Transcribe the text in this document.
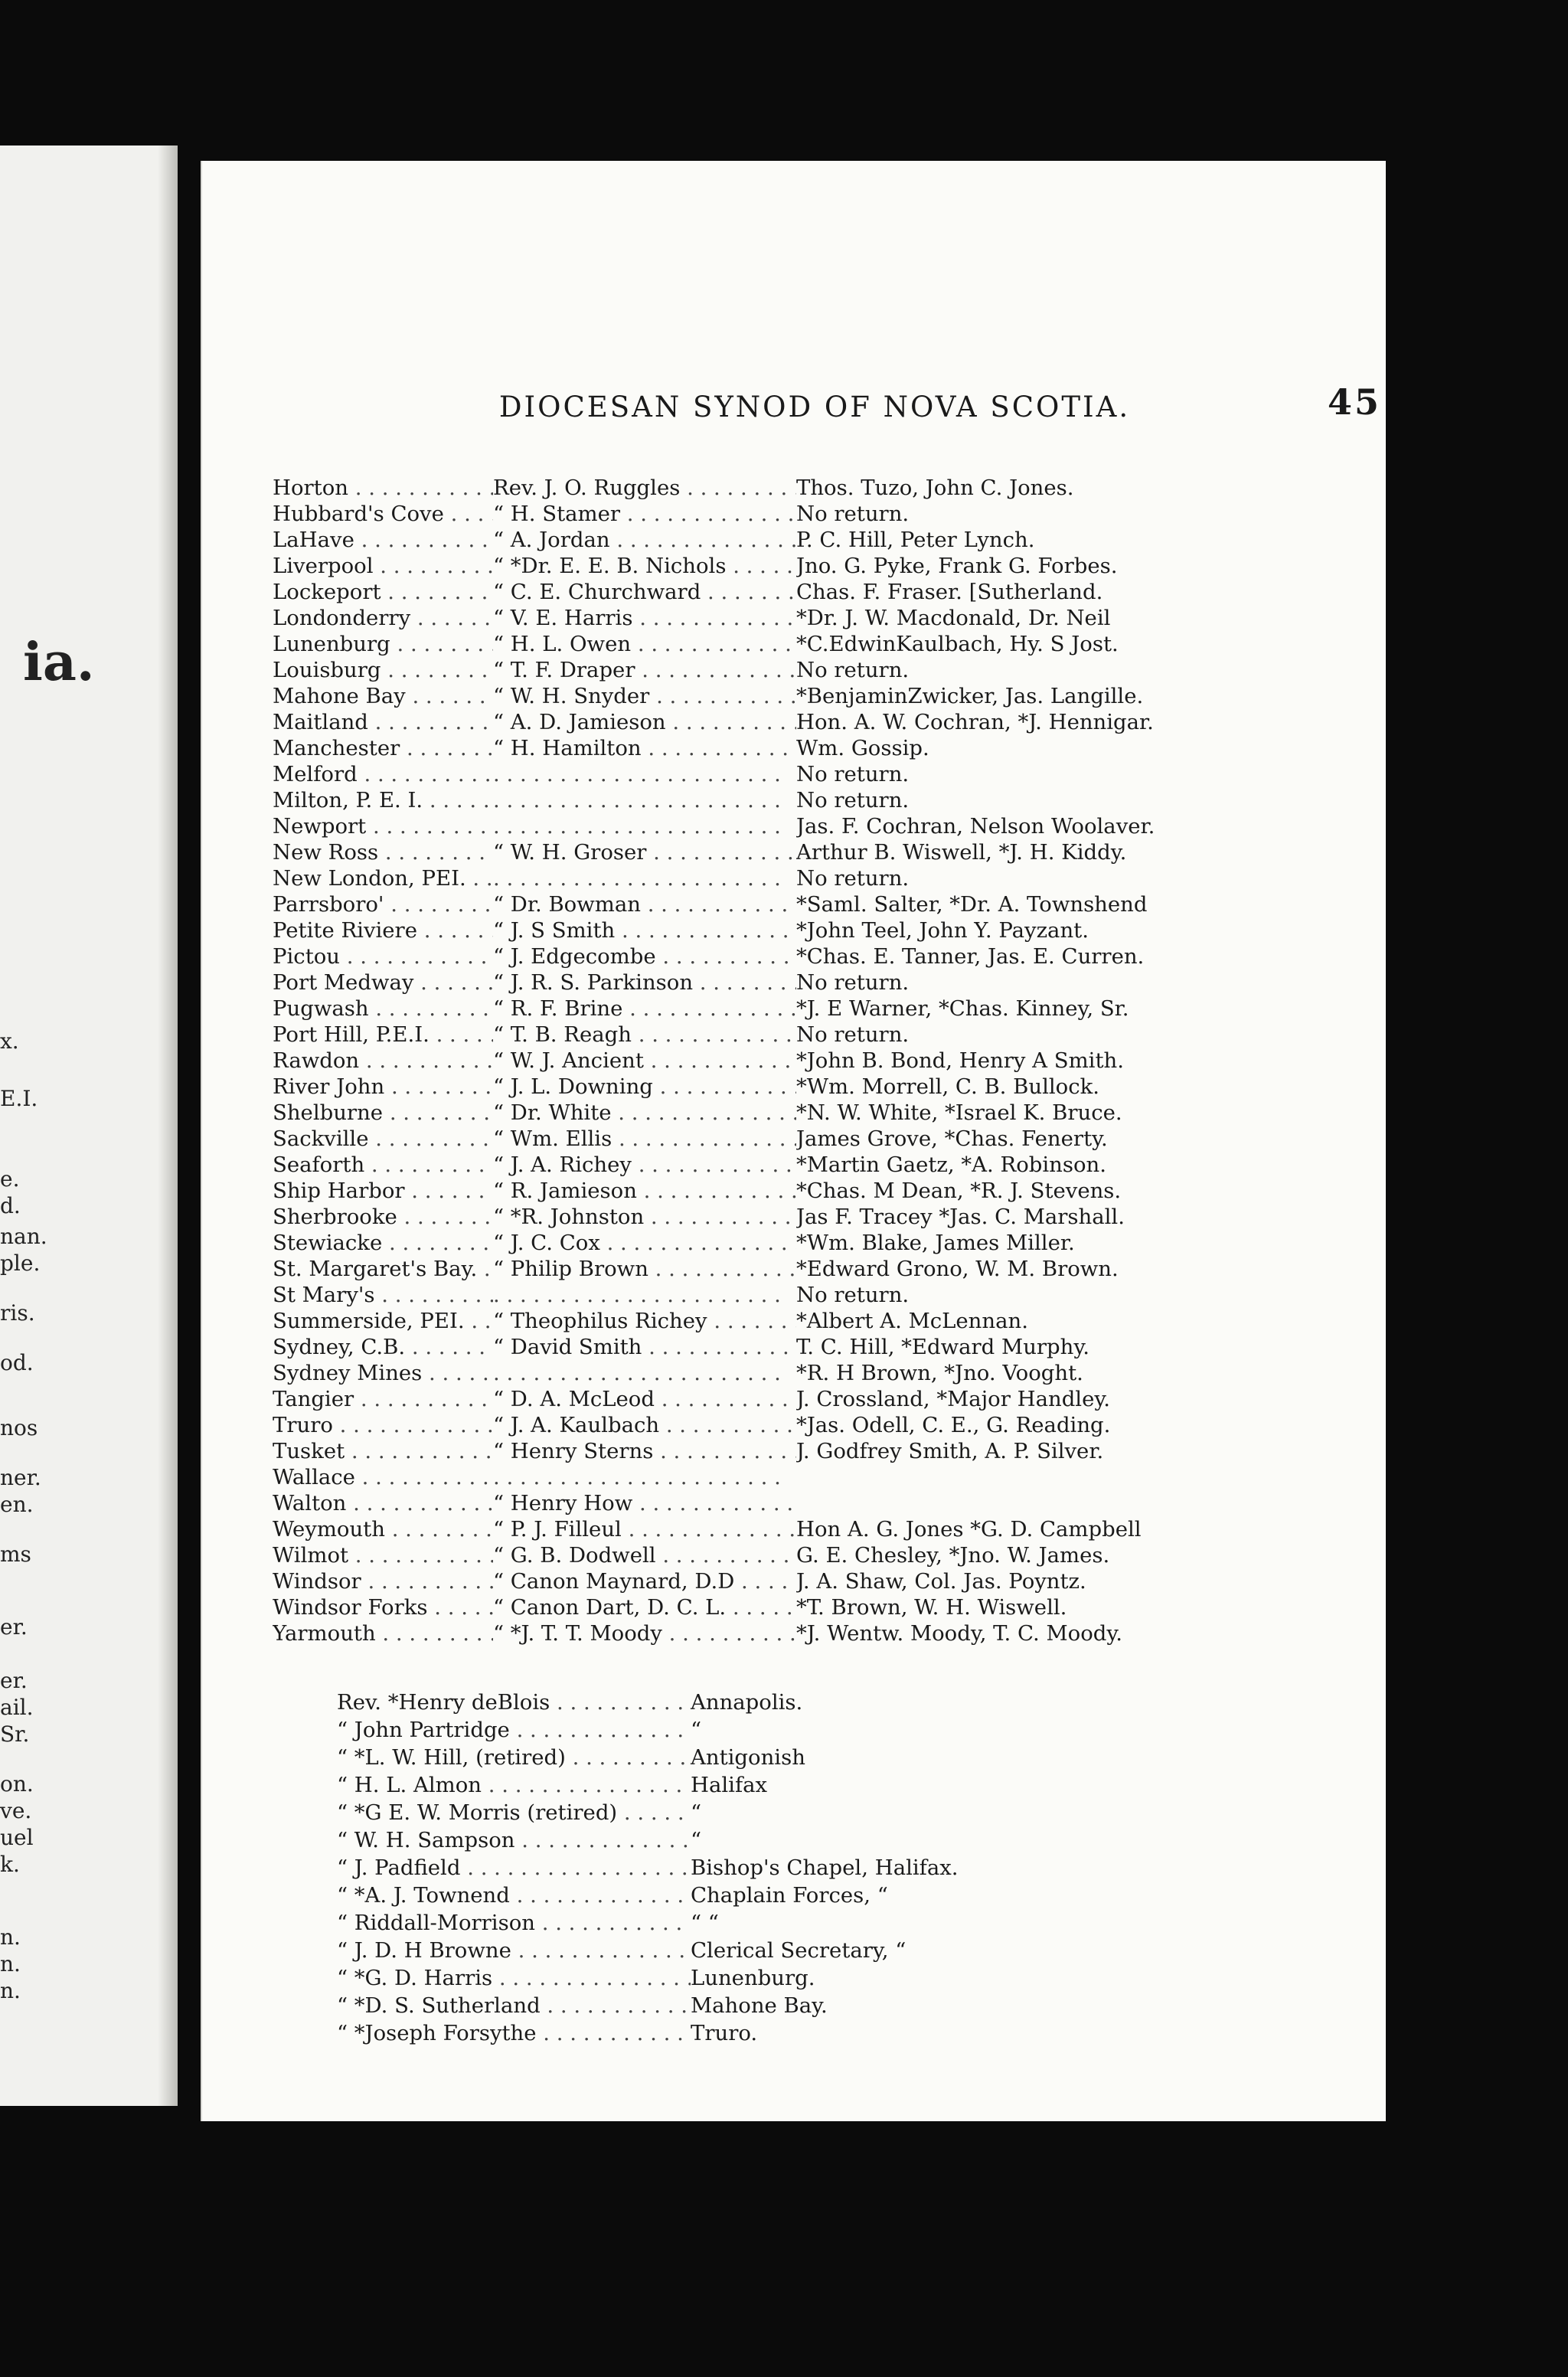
ia.
x.
E.I.
e.
d.
nan.
ple.
ris.
od.
nos
ner.
en.
ms
er.
er.
ail.
Sr.
on.
ve.
uel
k.
n.
n.
n.
DIOCESAN SYNOD OF NOVA SCOTIA.	45
Horton . . .	Rev. J. O. Ruggles . . .	Thos. Tuzo, John C. Jones.
Hubbard's Cove . . .	“ H. Stamer . . .	No return.
LaHave . . .	“ A. Jordan . . .	P. C. Hill, Peter Lynch.
Liverpool . . .	“ *Dr. E. E. B. Nichols . . .	Jno. G. Pyke, Frank G. Forbes.
Lockeport . . .	“ C. E. Churchward . . .	Chas. F. Fraser. [Sutherland.
Londonderry . . .	“ V. E. Harris . . .	*Dr. J. W. Macdonald, Dr. Neil
Lunenburg . . .	“ H. L. Owen . . .	*C.EdwinKaulbach, Hy. S Jost.
Louisburg . . .	“ T. F. Draper . . .	No return.
Mahone Bay . . .	“ W. H. Snyder . . .	*BenjaminZwicker, Jas. Langille.
Maitland . . .	“ A. D. Jamieson . . .	Hon. A. W. Cochran, *J. Hennigar.
Manchester . . .	“ H. Hamilton . . .	Wm. Gossip.
Melford . . . . . .	No return.
Milton, P. E. I. . . . . . .	No return.
Newport . . . . . .	Jas. F. Cochran, Nelson Woolaver.
New Ross . . .	“ W. H. Groser . . .	Arthur B. Wiswell, *J. H. Kiddy.
New London, PEI. . . . . . .	No return.
Parrsboro' . . .	“ Dr. Bowman . . .	*Saml. Salter, *Dr. A. Townshend
Petite Riviere . . .	“ J. S Smith . . .	*John Teel, John Y. Payzant.
Pictou . . .	“ J. Edgecombe . . .	*Chas. E. Tanner, Jas. E. Curren.
Port Medway . . .	“ J. R. S. Parkinson . . .	No return.
Pugwash . . .	“ R. F. Brine . . .	*J. E Warner, *Chas. Kinney, Sr.
Port Hill, P.E.I. . . .	“ T. B. Reagh . . .	No return.
Rawdon . . .	“ W. J. Ancient . . .	*John B. Bond, Henry A Smith.
River John . . .	“ J. L. Downing . . .	*Wm. Morrell, C. B. Bullock.
Shelburne . . .	“ Dr. White . . .	*N. W. White, *Israel K. Bruce.
Sackville . . .	“ Wm. Ellis . . .	James Grove, *Chas. Fenerty.
Seaforth . . .	“ J. A. Richey . . .	*Martin Gaetz, *A. Robinson.
Ship Harbor . . .	“ R. Jamieson . . .	*Chas. M Dean, *R. J. Stevens.
Sherbrooke . . .	“ *R. Johnston . . .	Jas F. Tracey *Jas. C. Marshall.
Stewiacke . . .	“ J. C. Cox . . .	*Wm. Blake, James Miller.
St. Margaret's Bay. . . . “ Philip Brown . . .	*Edward Grono, W. M. Brown.
St Mary's . . . . . .	No return.
Summerside, PEI. . . .	“ Theophilus Richey . . .	*Albert A. McLennan.
Sydney, C.B. . . .	“ David Smith . . .	T. C. Hill, *Edward Murphy.
Sydney Mines . . . . . .	*R. H Brown, *Jno. Vooght.
Tangier . . .	“ D. A. McLeod . . .	J. Crossland, *Major Handley.
Truro . . .	“ J. A. Kaulbach . . .	*Jas. Odell, C. E., G. Reading.
Tusket . . .	“ Henry Sterns . . .	J. Godfrey Smith, A. P. Silver.
Wallace . . .
. . .
Walton . . .	“ Henry How . . .
Weymouth . . .	“ P. J. Filleul . . .	Hon A. G. Jones *G. D. Campbell
Wilmot . . .	“ G. B. Dodwell . . .	G. E. Chesley, *Jno. W. James.
Windsor . . .	“ Canon Maynard, D.D . . .	J. A. Shaw, Col. Jas. Poyntz.
Windsor Forks . . .	“ Canon Dart, D. C. L. . . .	*T. Brown, W. H. Wiswell.
Yarmouth . . .	“ *J. T. T. Moody . . .	*J. Wentw. Moody, T. C. Moody.
Rev. *Henry deBlois . . .	Annapolis.
“ John Partridge . . .	“
“ *L. W. Hill, (retired) . . .	Antigonish
“ H. L. Almon . . .	Halifax
“ *G E. W. Morris (retired) . . .	“
“ W. H. Sampson . . .	“
“ J. Padfield . . .	Bishop's Chapel, Halifax.
“ *A. J. Townend . . .	Chaplain Forces, “
“ Riddall-Morrison . . .	“ “
“ J. D. H Browne . . .	Clerical Secretary, “
“ *G. D. Harris . . .	Lunenburg.
“ *D. S. Sutherland . . .	Mahone Bay.
“ *Joseph Forsythe . . .	Truro.
